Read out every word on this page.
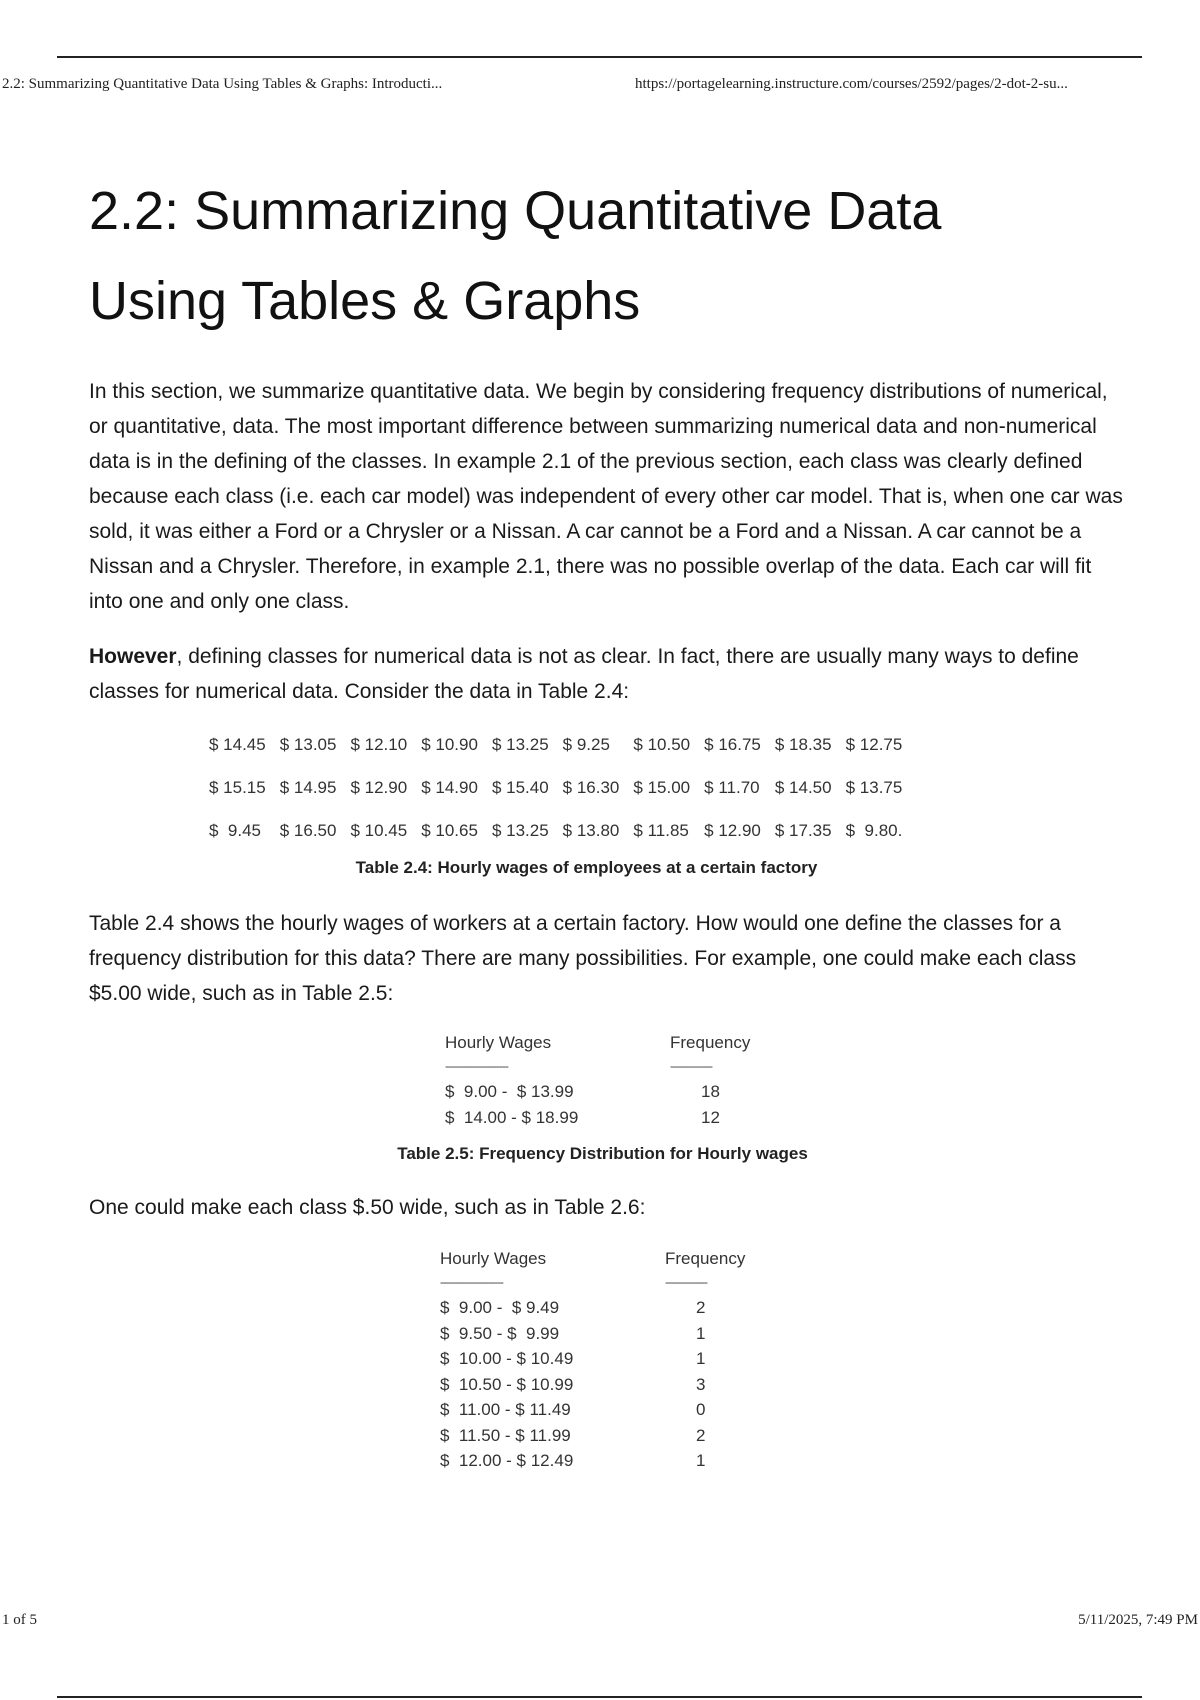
2.2: Summarizing Quantitative Data Using Tables & Graphs: Introducti...	https://portagelearning.instructure.com/courses/2592/pages/2-dot-2-su...
2.2: Summarizing Quantitative Data
Using Tables & Graphs

In this section, we summarize quantitative data. We begin by considering frequency distributions of numerical, or quantitative, data. The most important difference between summarizing numerical data and non-numerical data is in the defining of the classes. In example 2.1 of the previous section, each class was clearly defined because each class (i.e. each car model) was independent of every other car model. That is, when one car was sold, it was either a Ford or a Chrysler or a Nissan. A car cannot be a Ford and a Nissan. A car cannot be a Nissan and a Chrysler. Therefore, in example 2.1, there was no possible overlap of the data. Each car will fit into one and only one class.

However, defining classes for numerical data is not as clear. In fact, there are usually many ways to define classes for numerical data. Consider the data in Table 2.4:

$ 14.45	$ 13.05	$ 12.10	$ 10.90	$ 13.25	$ 9.25	$ 10.50	$ 16.75	$ 18.35	$ 12.75
$ 15.15	$ 14.95	$ 12.90	$ 14.90	$ 15.40	$ 16.30	$ 15.00	$ 11.70	$ 14.50	$ 13.75
$  9.45	$ 16.50	$ 10.45	$ 10.65	$ 13.25	$ 13.80	$ 11.85	$ 12.90	$ 17.35	$  9.80.
Table 2.4: Hourly wages of employees at a certain factory

Table 2.4 shows the hourly wages of workers at a certain factory. How would one define the classes for a frequency distribution for this data? There are many possibilities. For example, one could make each class $5.00 wide, such as in Table 2.5:

Hourly Wages	Frequency
---------------------	--------------
$  9.00 -  $ 13.99	18
$  14.00 - $ 18.99	12
Table 2.5: Frequency Distribution for Hourly wages

One could make each class $.50 wide, such as in Table 2.6:

Hourly Wages	Frequency
---------------------	--------------
$  9.00 -  $ 9.49	2
$  9.50 - $  9.99	1
$  10.00 - $ 10.49	1
$  10.50 - $ 10.99	3
$  11.00 - $ 11.49	0
$  11.50 - $ 11.99	2
$  12.00 - $ 12.49	1
1 of 5	5/11/2025, 7:49 PM
